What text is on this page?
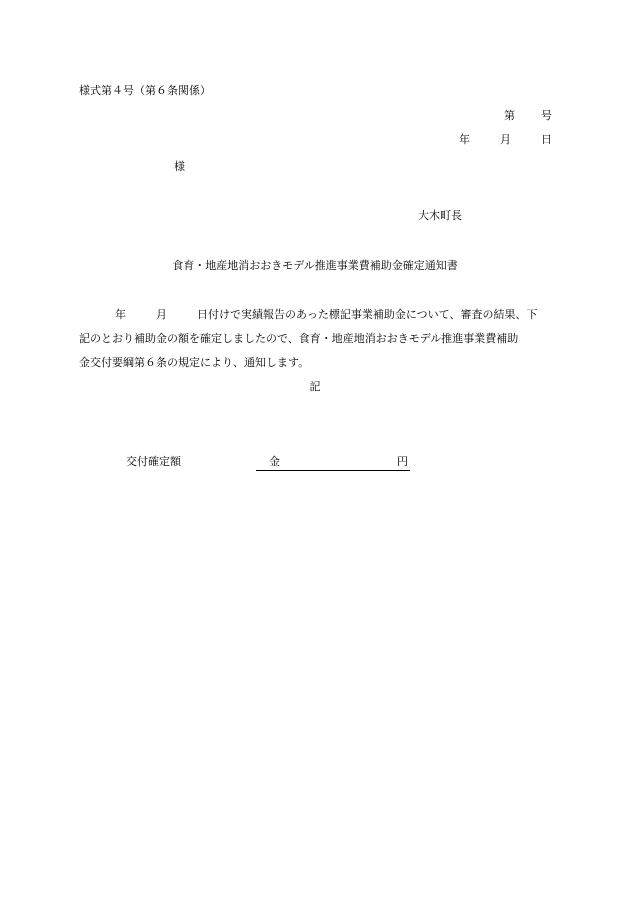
様式第４号（第６条関係）
第 号
年	月	日
様
大木町長
食育・地産地消おおきモデル推進事業費補助金確定通知書
年	月	日付けで実績報告のあった標記事業補助金について、審査の結果、下
記のとおり補助金の額を確定しましたので、食育・地産地消おおきモデル推進事業費補助
金交付要綱第６条の規定により、通知します。
記
交付確定額	金	円
